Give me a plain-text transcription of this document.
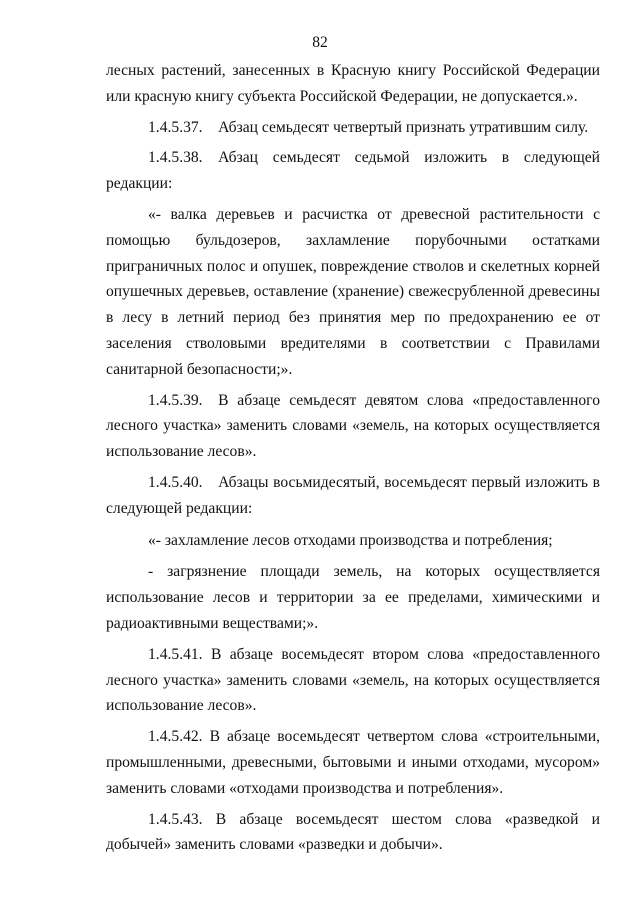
82

лесных растений, занесенных в Красную книгу Российской Федерации или красную книгу субъекта Российской Федерации, не допускается.».

1.4.5.37. Абзац семьдесят четвертый признать утратившим силу.

1.4.5.38. Абзац семьдесят седьмой изложить в следующей редакции:

«- валка деревьев и расчистка от древесной растительности с помощью бульдозеров, захламление порубочными остатками приграничных полос и опушек, повреждение стволов и скелетных корней опушечных деревьев, оставление (хранение) свежесрубленной древесины в лесу в летний период без принятия мер по предохранению ее от заселения стволовыми вредителями в соответствии с Правилами санитарной безопасности;».

1.4.5.39. В абзаце семьдесят девятом слова «предоставленного лесного участка» заменить словами «земель, на которых осуществляется использование лесов».

1.4.5.40. Абзацы восьмидесятый, восемьдесят первый изложить в следующей редакции:

«- захламление лесов отходами производства и потребления;

- загрязнение площади земель, на которых осуществляется использование лесов и территории за ее пределами, химическими и радиоактивными веществами;».

1.4.5.41. В абзаце восемьдесят втором слова «предоставленного лесного участка» заменить словами «земель, на которых осуществляется использование лесов».

1.4.5.42. В абзаце восемьдесят четвертом слова «строительными, промышленными, древесными, бытовыми и иными отходами, мусором» заменить словами «отходами производства и потребления».

1.4.5.43. В абзаце восемьдесят шестом слова «разведкой и добычей» заменить словами «разведки и добычи».
